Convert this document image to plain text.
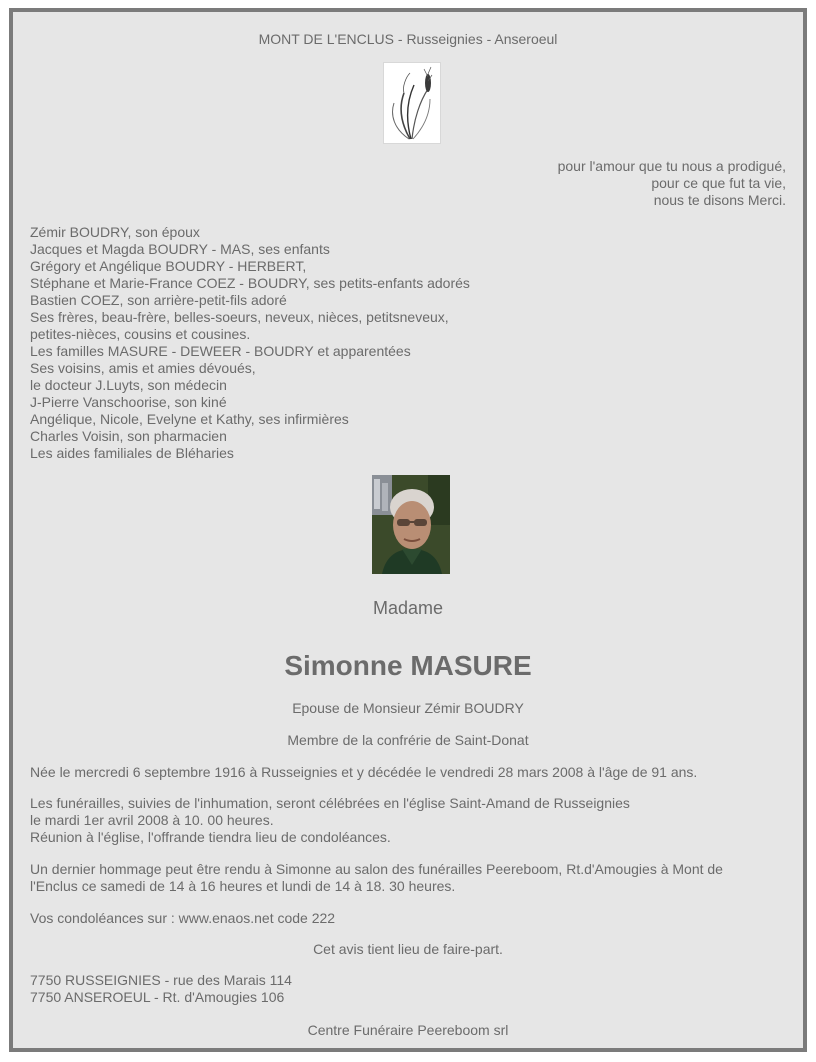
MONT DE L'ENCLUS - Russeignies - Anseroeul
pour l'amour que tu nous a prodigué,
pour ce que fut ta vie,
nous te disons Merci.
Zémir BOUDRY, son époux
Jacques et Magda BOUDRY - MAS, ses enfants
Grégory et Angélique BOUDRY - HERBERT,
Stéphane et Marie-France COEZ - BOUDRY, ses petits-enfants adorés
Bastien COEZ, son arrière-petit-fils adoré
Ses frères, beau-frère, belles-soeurs, neveux, nièces, petitsneveux,
petites-nièces, cousins et cousines.
Les familles MASURE - DEWEER - BOUDRY et apparentées
Ses voisins, amis et amies dévoués,
le docteur J.Luyts, son médecin
J-Pierre Vanschoorise, son kiné
Angélique, Nicole, Evelyne et Kathy, ses infirmières
Charles Voisin, son pharmacien
Les aides familiales de Bléharies
Madame
Simonne MASURE
Epouse de Monsieur Zémir BOUDRY
Membre de la confrérie de Saint-Donat
Née le mercredi 6 septembre 1916 à Russeignies et y décédée le vendredi 28 mars 2008 à l'âge de 91 ans.
Les funérailles, suivies de l'inhumation, seront célébrées en l'église Saint-Amand de Russeignies
le mardi 1er avril 2008 à 10. 00 heures.
Réunion à l'église, l'offrande tiendra lieu de condoléances.
Un dernier hommage peut être rendu à Simonne au salon des funérailles Peereboom, Rt.d'Amougies à Mont de l'Enclus ce samedi de 14 à 16 heures et lundi de 14 à 18. 30 heures.
Vos condoléances sur : www.enaos.net code 222
Cet avis tient lieu de faire-part.
7750 RUSSEIGNIES - rue des Marais 114
7750 ANSEROEUL - Rt. d'Amougies 106
Centre Funéraire Peereboom srl
